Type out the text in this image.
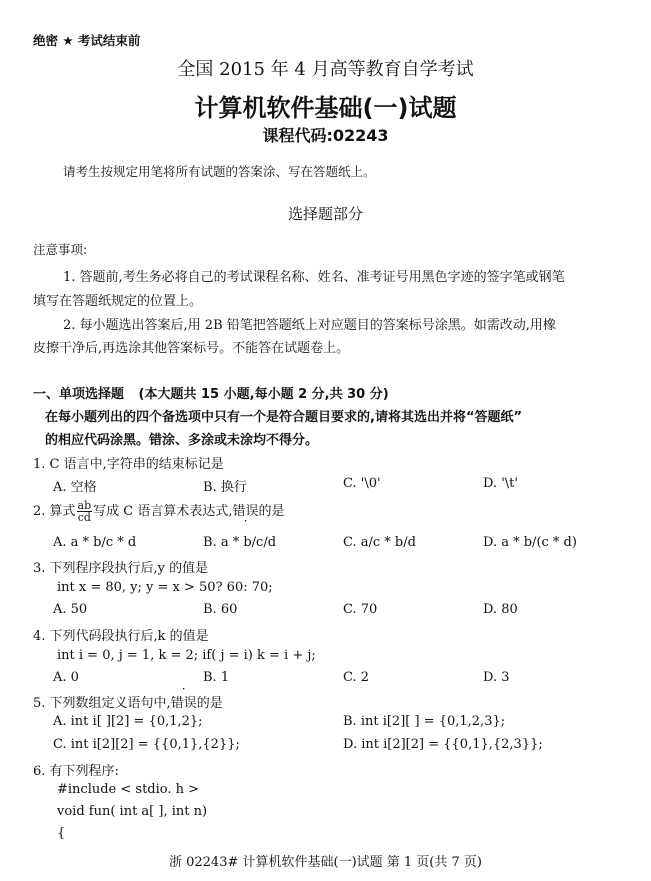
绝密 ★ 考试结束前
全国 2015 年 4 月高等教育自学考试
计算机软件基础(一)试题
课程代码:02243
请考生按规定用笔将所有试题的答案涂、写在答题纸上。
选择题部分
注意事项:
1. 答题前,考生务必将自己的考试课程名称、姓名、准考证号用黑色字迹的签字笔或钢笔
填写在答题纸规定的位置上。
2. 每小题选出答案后,用 2B 铅笔把答题纸上对应题目的答案标号涂黑。如需改动,用橡
皮擦干净后,再选涂其他答案标号。不能答在试题卷上。
一、单项选择题 (本大题共 15 小题,每小题 2 分,共 30 分)
在每小题列出的四个备选项中只有一个是符合题目要求的,请将其选出并将“答题纸”
的相应代码涂黑。错涂、多涂或未涂均不得分。
1. C 语言中,字符串的结束标记是
A. 空格	B. 换行	C. '\0'	D. '\t'
2. 算式 $\frac{ab}{cd}$ 写成 C 语言算术表达式,错误的是
A. a * b/c * d	B. a * b/c/d	C. a/c * b/d	D. a * b/(c * d)
3. 下列程序段执行后,y 的值是
int x = 80, y; y = x > 50? 60: 70;
A. 50	B. 60	C. 70	D. 80
4. 下列代码段执行后,k 的值是
int i = 0, j = 1, k = 2; if( j = i) k = i + j;
A. 0	B. 1	C. 2	D. 3
5. 下列数组定义语句中,错误的是
A. int i[ ][2] = {0,1,2};	B. int i[2][ ] = {0,1,2,3};
C. int i[2][2] = {{0,1},{2}};	D. int i[2][2] = {{0,1},{2,3}};
6. 有下列程序:
#include < stdio. h >
void fun( int a[ ], int n)
{
浙 02243# 计算机软件基础(一)试题 第 1 页(共 7 页)
